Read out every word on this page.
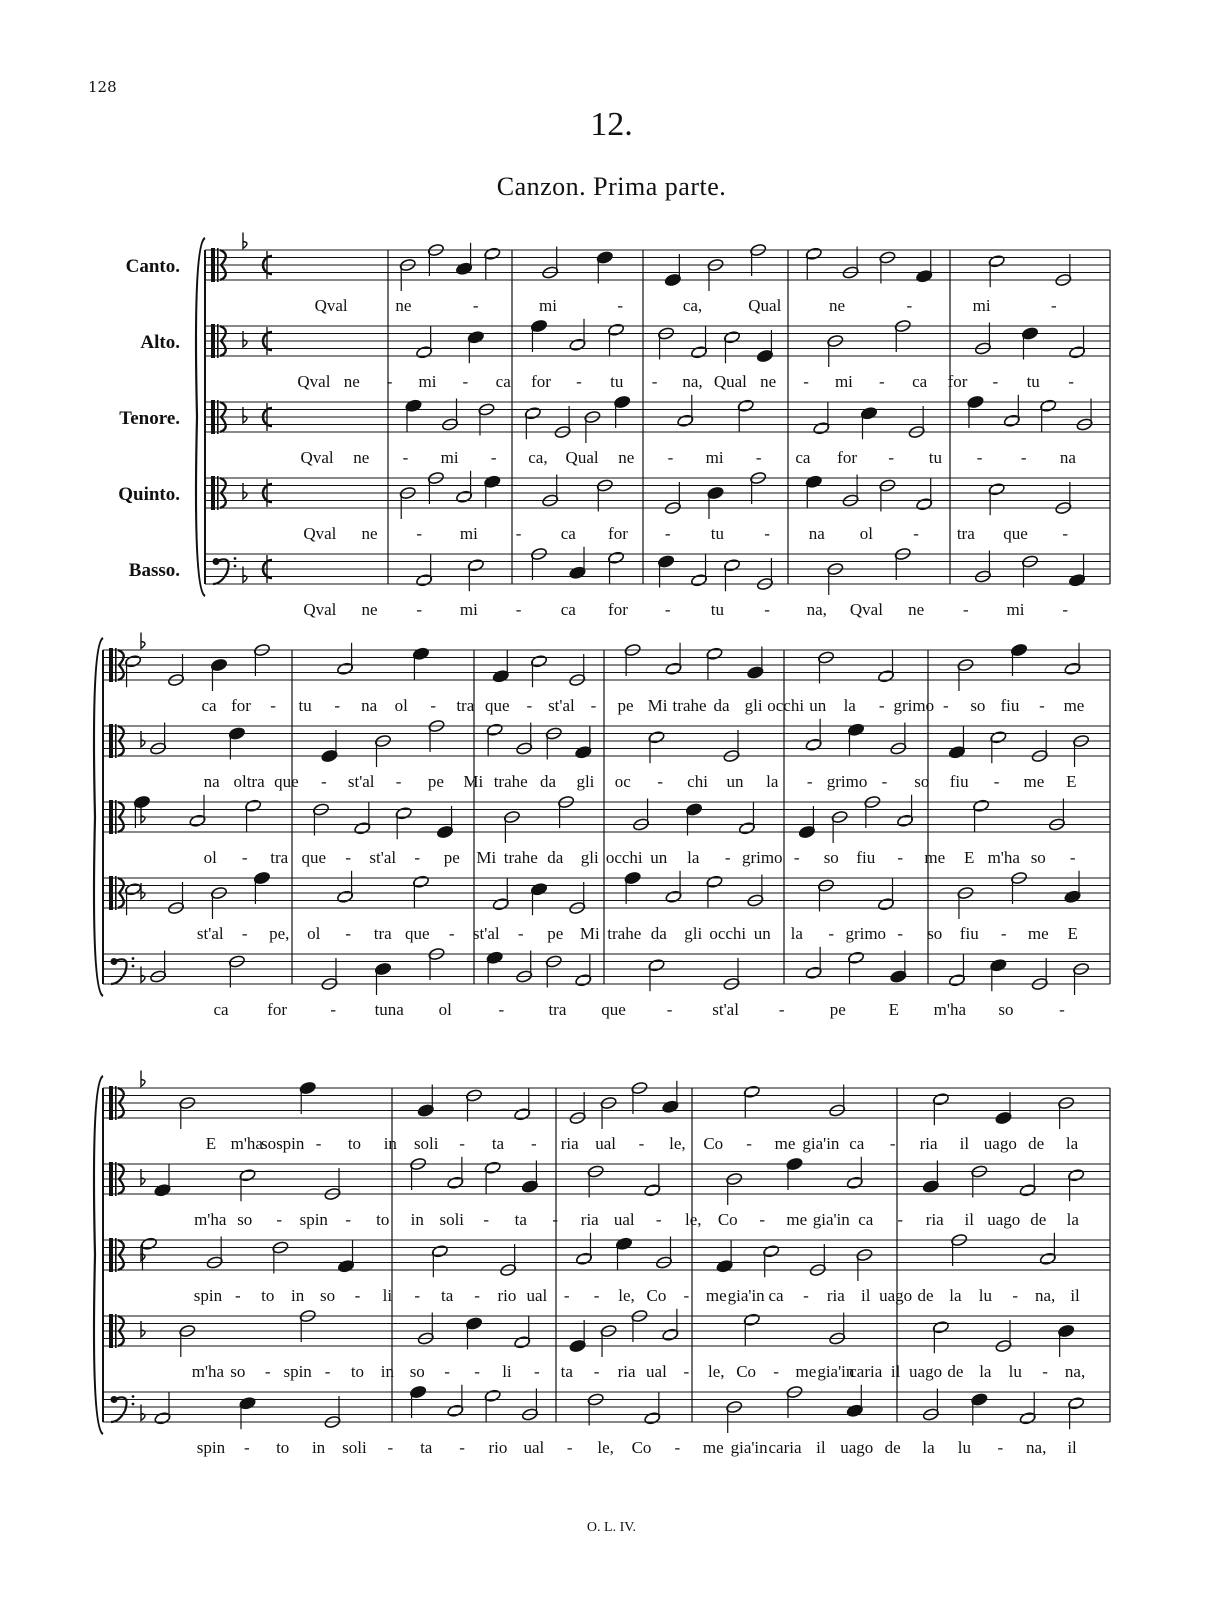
128
12.
Canzon. Prima parte.
Canto.
Alto.
Tenore.
Quinto.
Basso.
Qval	ne	-	mi	-	ca,	Qual	ne	-	mi	-
Qval ne - mi - ca for - tu - na, Qual ne - mi - ca for - tu -
Qval ne - mi - ca, Qual ne - mi - ca for - tu - - na
Qval ne - mi - ca for - tu - na ol - tra que -
Qval ne - mi - ca for - tu - na, Qval ne - mi -
ca for - tu - na ol - tra que - st'al - pe Mi trahe da gli occhi un la - grimo - so fiu - me
na oltra que - st'al - pe Mi trahe da gli oc - chi un la - grimo - so fiu - me E
ol - tra que - st'al - pe Mi trahe da gli occhi un la - grimo - so fiu - me E m'ha so -
st'al - pe, ol - tra que - st'al - pe Mi trahe da gli occhi un la - grimo - so fiu - me E
ca for	- tuna ol	-	tra que - st'al -	pe	E m'ha so	-
E m'ha
sospin - to in soli - ta - ria ual - le, Co - me gia'in ca - ria il uago de la
m'ha so - spin - to in soli - ta - ria ual - le, Co - me gia'in ca - ria il uago de la
spin - to in so - li - ta - rio ual - - le, Co - me gia'in ca - ria il uago de la lu - na, il
m'ha so - spin - to in so - - li - ta - ria ual - le, Co - me gia'in
caria il uago de la lu - na,
spin - to in soli - ta - rio ual - le, Co - me gia'in caria il uago de la lu - na, il
O. L. IV.
